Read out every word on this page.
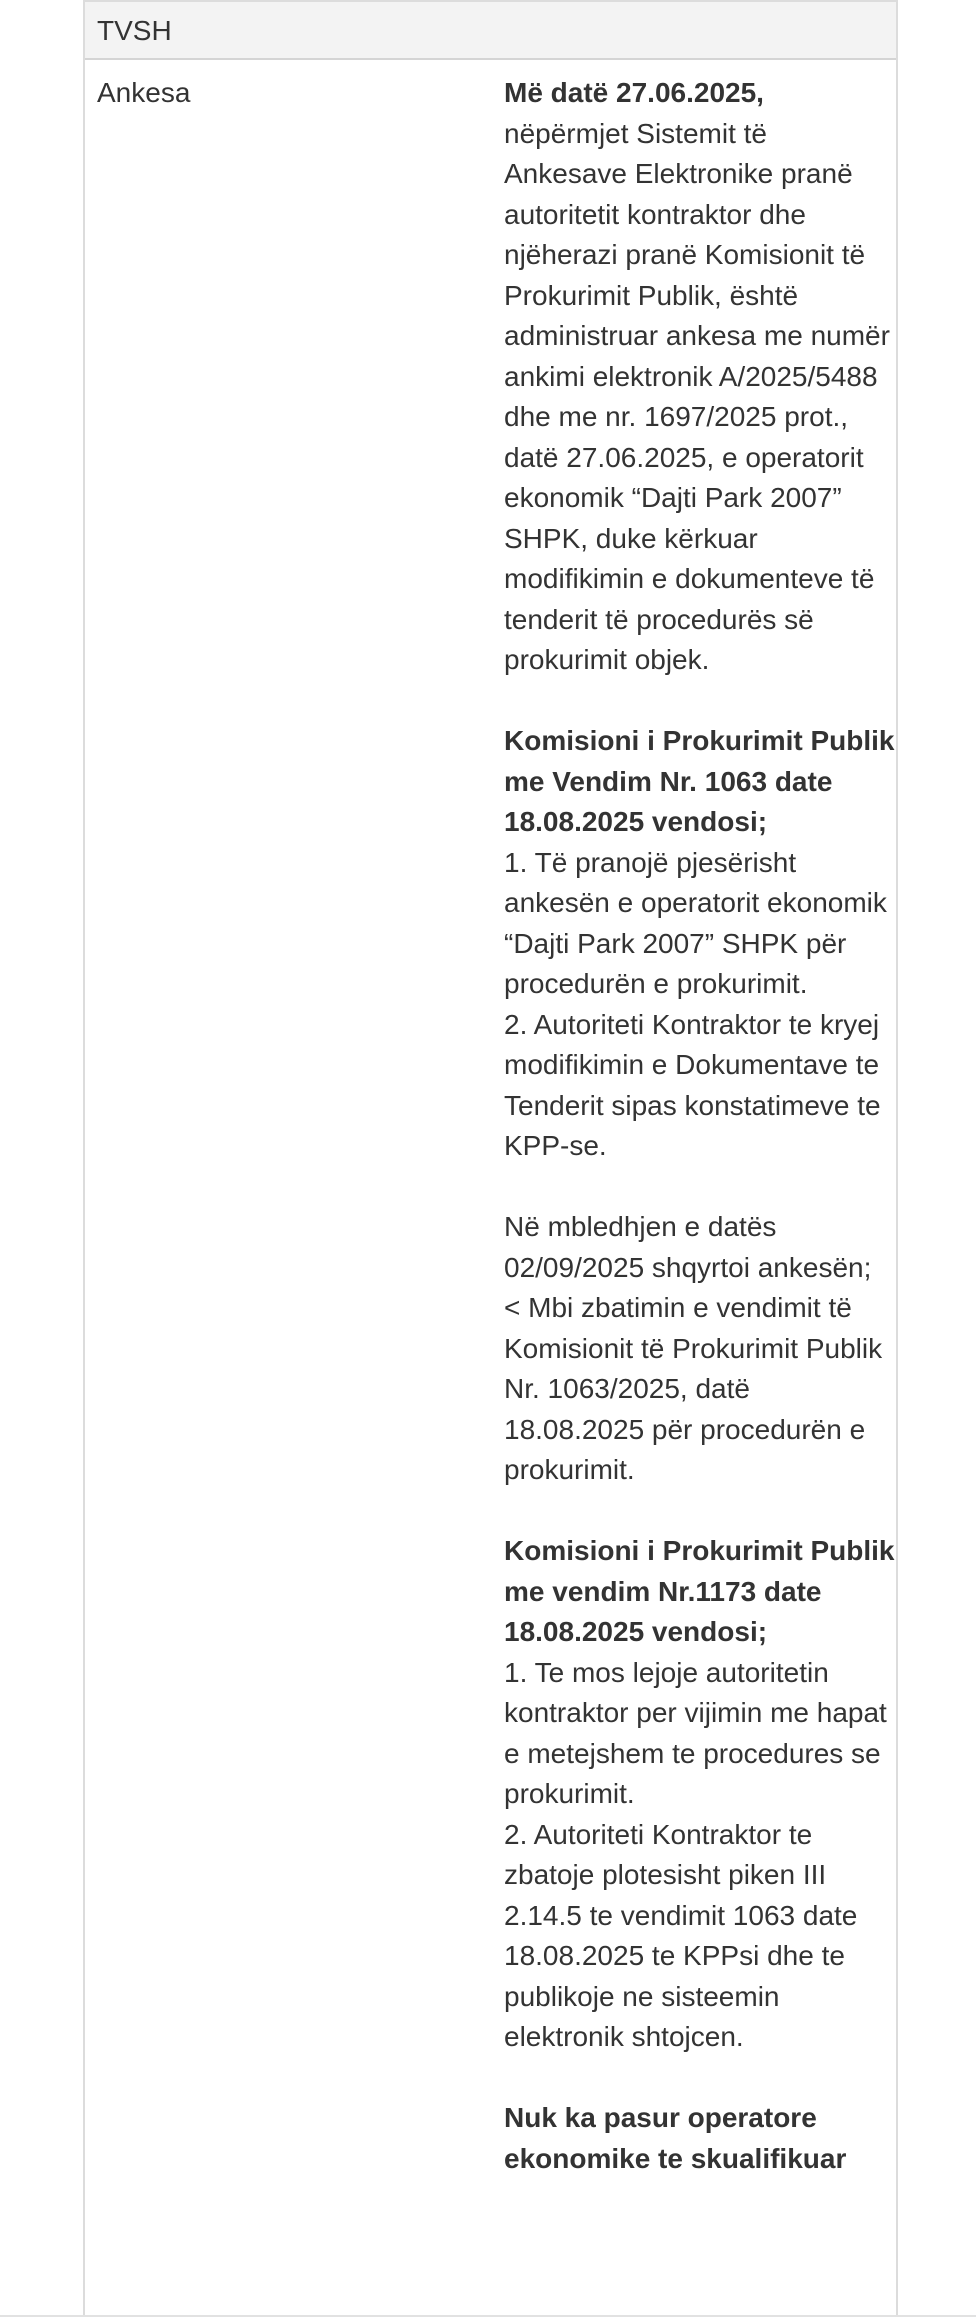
TVSH
Ankesa	Më datë 27.06.2025,

nëpërmjet Sistemit të Ankesave Elektronike pranë autoritetit kontraktor dhe njëherazi pranë Komisionit të Prokurimit Publik, është administruar ankesa me numër ankimi elektronik A/2025/5488 dhe me nr. 1697/2025 prot., datë 27.06.2025, e operatorit ekonomik “Dajti Park 2007” SHPK, duke kërkuar modifikimin e dokumenteve të tenderit të procedurës së prokurimit objek.

Komisioni i Prokurimit Publik me Vendim Nr. 1063 date 18.08.2025 vendosi;

1. Të pranojë pjesërisht ankesën e operatorit ekonomik “Dajti Park 2007” SHPK për procedurën e prokurimit.

2. Autoriteti Kontraktor te kryej modifikimin e Dokumentave te Tenderit sipas konstatimeve te KPP-se.

Në mbledhjen e datës 02/09/2025 shqyrtoi ankesën;

< Mbi zbatimin e vendimit të Komisionit të Prokurimit Publik Nr. 1063/2025, datë 18.08.2025 për procedurën e prokurimit.

Komisioni i Prokurimit Publik me vendim Nr.1173 date 18.08.2025 vendosi;

1. Te mos lejoje autoritetin kontraktor per vijimin me hapat e metejshem te procedures se prokurimit.

2. Autoriteti Kontraktor te zbatoje plotesisht piken III 2.14.5 te vendimit 1063 date 18.08.2025 te KPPsi dhe te publikoje ne sisteemin elektronik shtojcen.

Nuk ka pasur operatore ekonomike te skualifikuar
